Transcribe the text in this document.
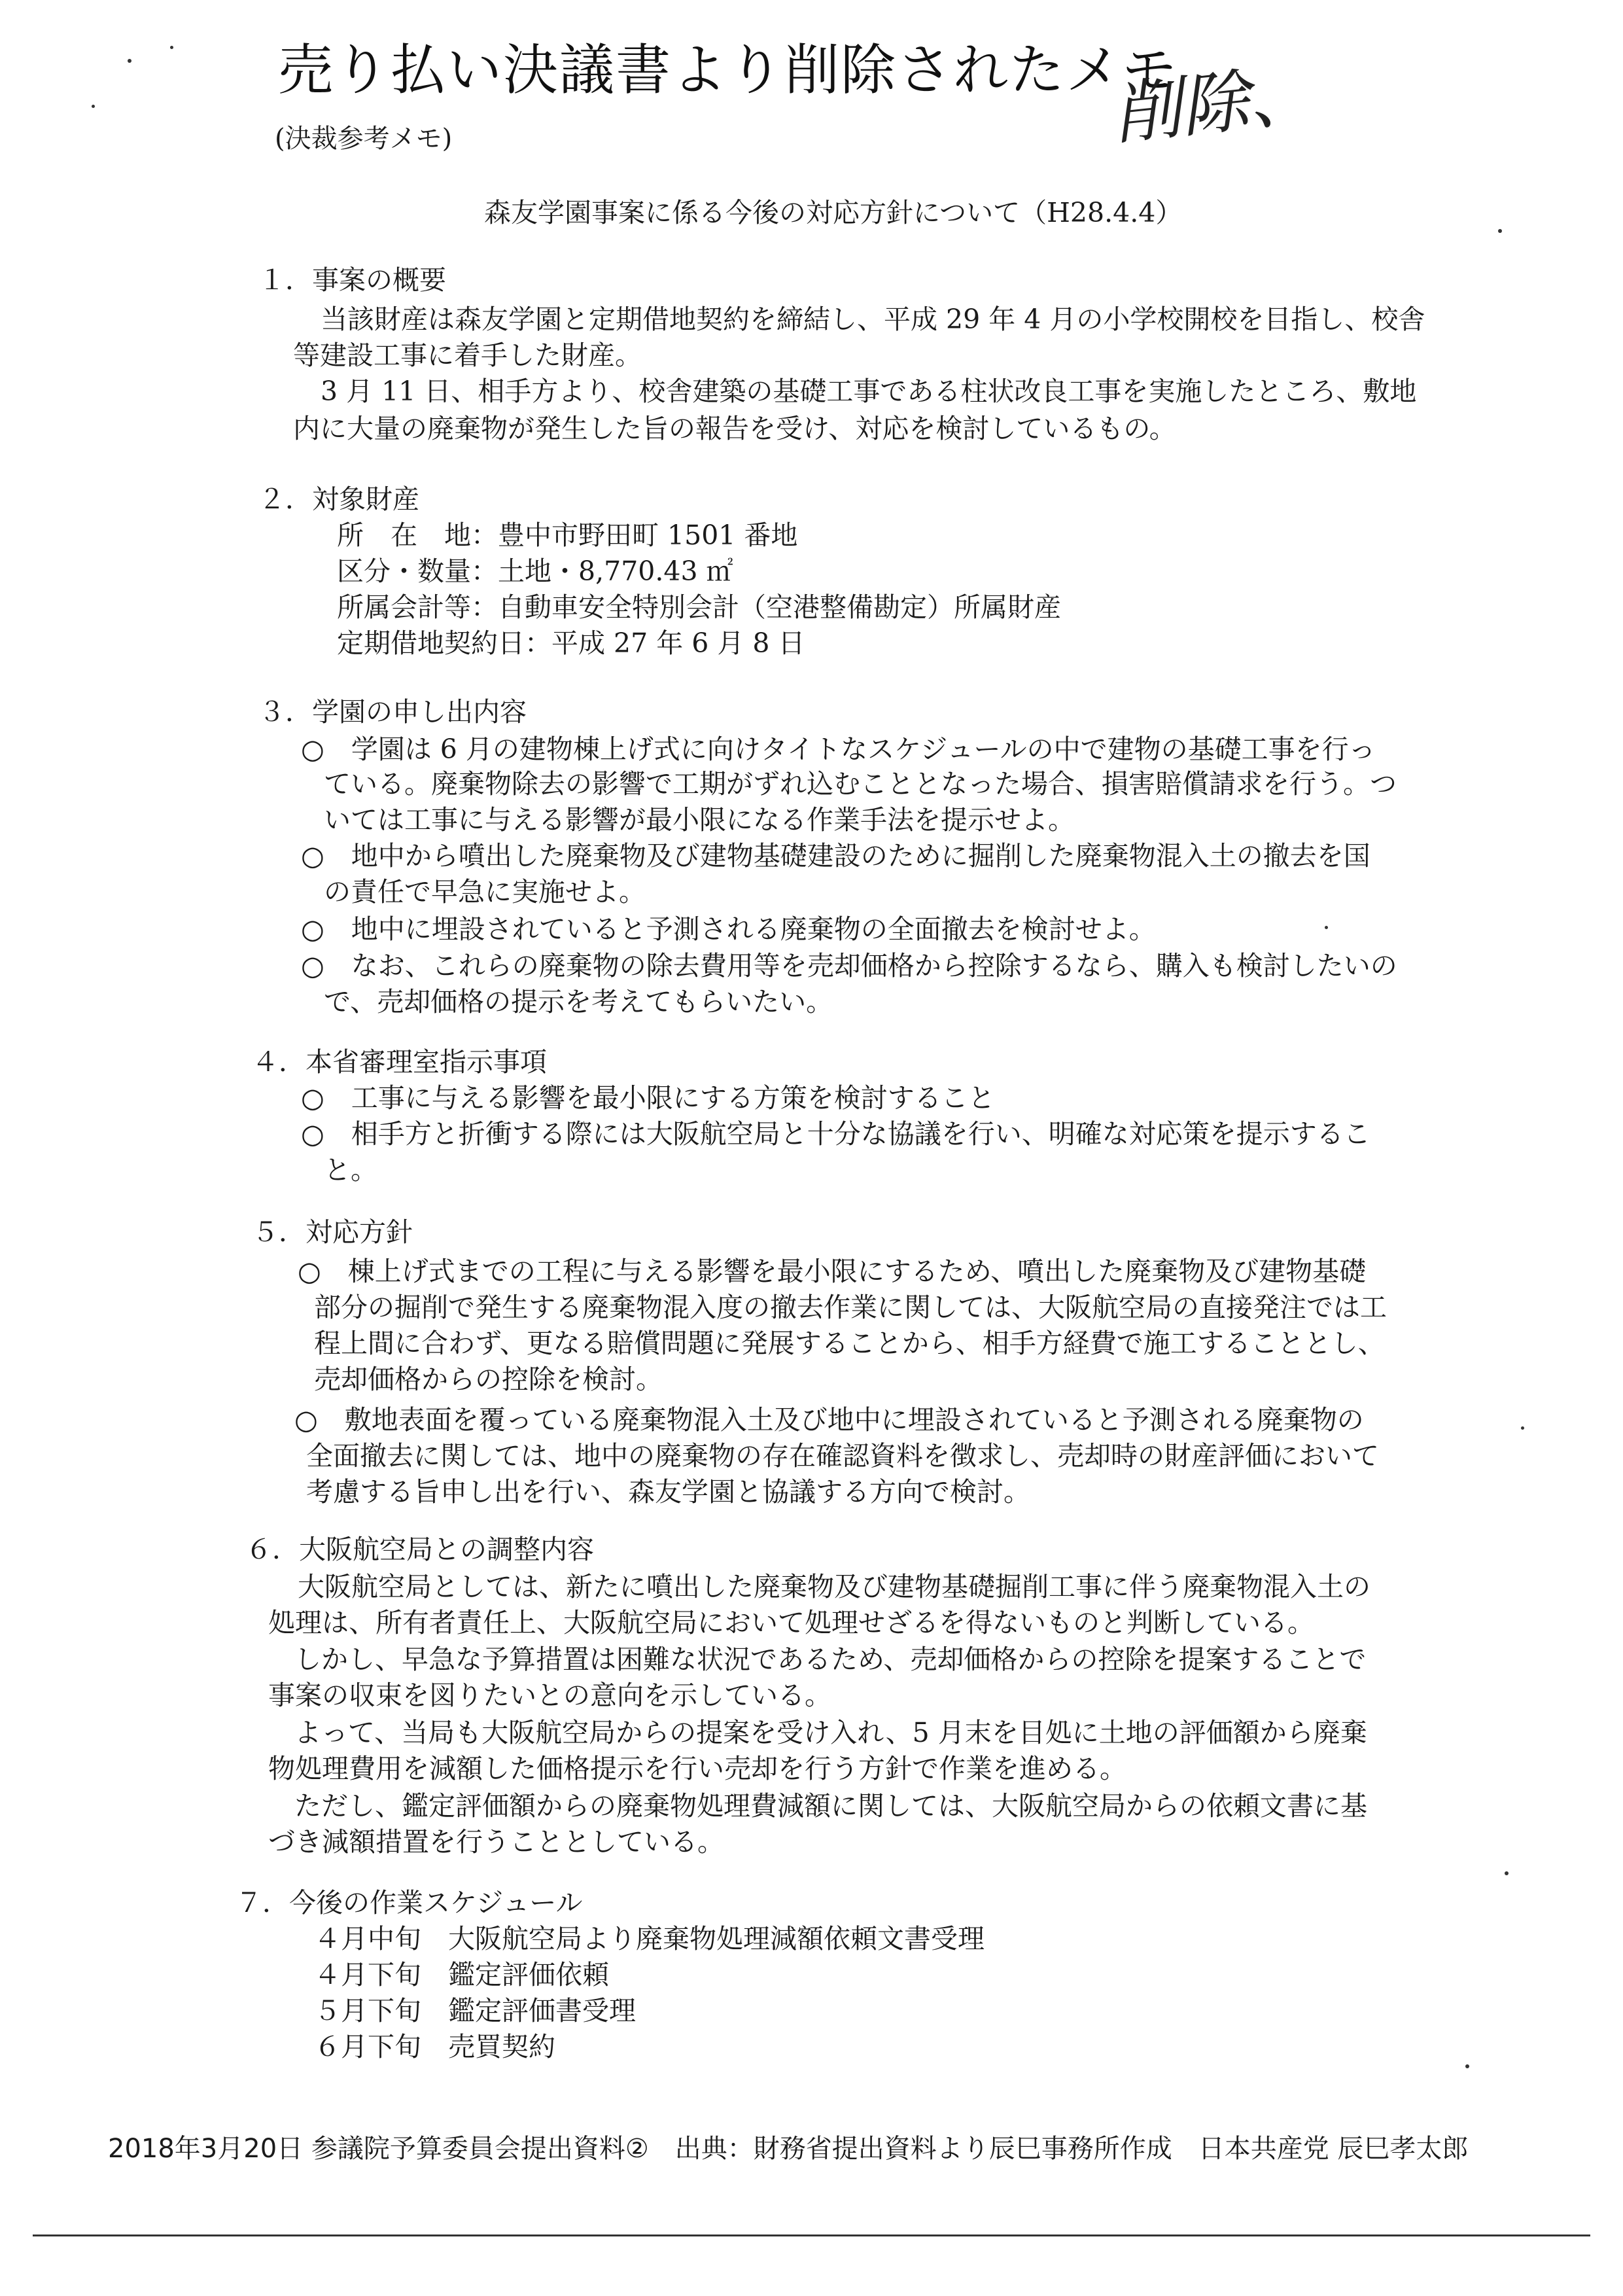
売り払い決議書より削除されたメモ
削除、
(決裁参考メモ)
森友学園事案に係る今後の対応方針について（H28.4.4）
１．事案の概要
当該財産は森友学園と定期借地契約を締結し、平成 29 年 4 月の小学校開校を目指し、校舎
等建設工事に着手した財産。
3 月 11 日、相手方より、校舎建築の基礎工事である柱状改良工事を実施したところ、敷地
内に大量の廃棄物が発生した旨の報告を受け、対応を検討しているもの。
２．対象財産
所　在　地：豊中市野田町 1501 番地
区分・数量：土地・8,770.43 ㎡
所属会計等：自動車安全特別会計（空港整備勘定）所属財産
定期借地契約日：平成 27 年 6 月 8 日
３．学園の申し出内容
○　学園は 6 月の建物棟上げ式に向けタイトなスケジュールの中で建物の基礎工事を行っ
ている。廃棄物除去の影響で工期がずれ込むこととなった場合、損害賠償請求を行う。つ
いては工事に与える影響が最小限になる作業手法を提示せよ。
○　地中から噴出した廃棄物及び建物基礎建設のために掘削した廃棄物混入土の撤去を国
の責任で早急に実施せよ。
○　地中に埋設されていると予測される廃棄物の全面撤去を検討せよ。
○　なお、これらの廃棄物の除去費用等を売却価格から控除するなら、購入も検討したいの
で、売却価格の提示を考えてもらいたい。
４．本省審理室指示事項
○　工事に与える影響を最小限にする方策を検討すること
○　相手方と折衝する際には大阪航空局と十分な協議を行い、明確な対応策を提示するこ
と。
５．対応方針
○　棟上げ式までの工程に与える影響を最小限にするため、噴出した廃棄物及び建物基礎
部分の掘削で発生する廃棄物混入度の撤去作業に関しては、大阪航空局の直接発注では工
程上間に合わず、更なる賠償問題に発展することから、相手方経費で施工することとし、
売却価格からの控除を検討。
○　敷地表面を覆っている廃棄物混入土及び地中に埋設されていると予測される廃棄物の
全面撤去に関しては、地中の廃棄物の存在確認資料を徴求し、売却時の財産評価において
考慮する旨申し出を行い、森友学園と協議する方向で検討。
６．大阪航空局との調整内容
大阪航空局としては、新たに噴出した廃棄物及び建物基礎掘削工事に伴う廃棄物混入土の
処理は、所有者責任上、大阪航空局において処理せざるを得ないものと判断している。
しかし、早急な予算措置は困難な状況であるため、売却価格からの控除を提案することで
事案の収束を図りたいとの意向を示している。
よって、当局も大阪航空局からの提案を受け入れ、5 月末を目処に土地の評価額から廃棄
物処理費用を減額した価格提示を行い売却を行う方針で作業を進める。
ただし、鑑定評価額からの廃棄物処理費減額に関しては、大阪航空局からの依頼文書に基
づき減額措置を行うこととしている。
７．今後の作業スケジュール
４月中旬　大阪航空局より廃棄物処理減額依頼文書受理
４月下旬　鑑定評価依頼
５月下旬　鑑定評価書受理
６月下旬　売買契約
2018年3月20日 参議院予算委員会提出資料②　出典：財務省提出資料より辰巳事務所作成　日本共産党 辰巳孝太郎
